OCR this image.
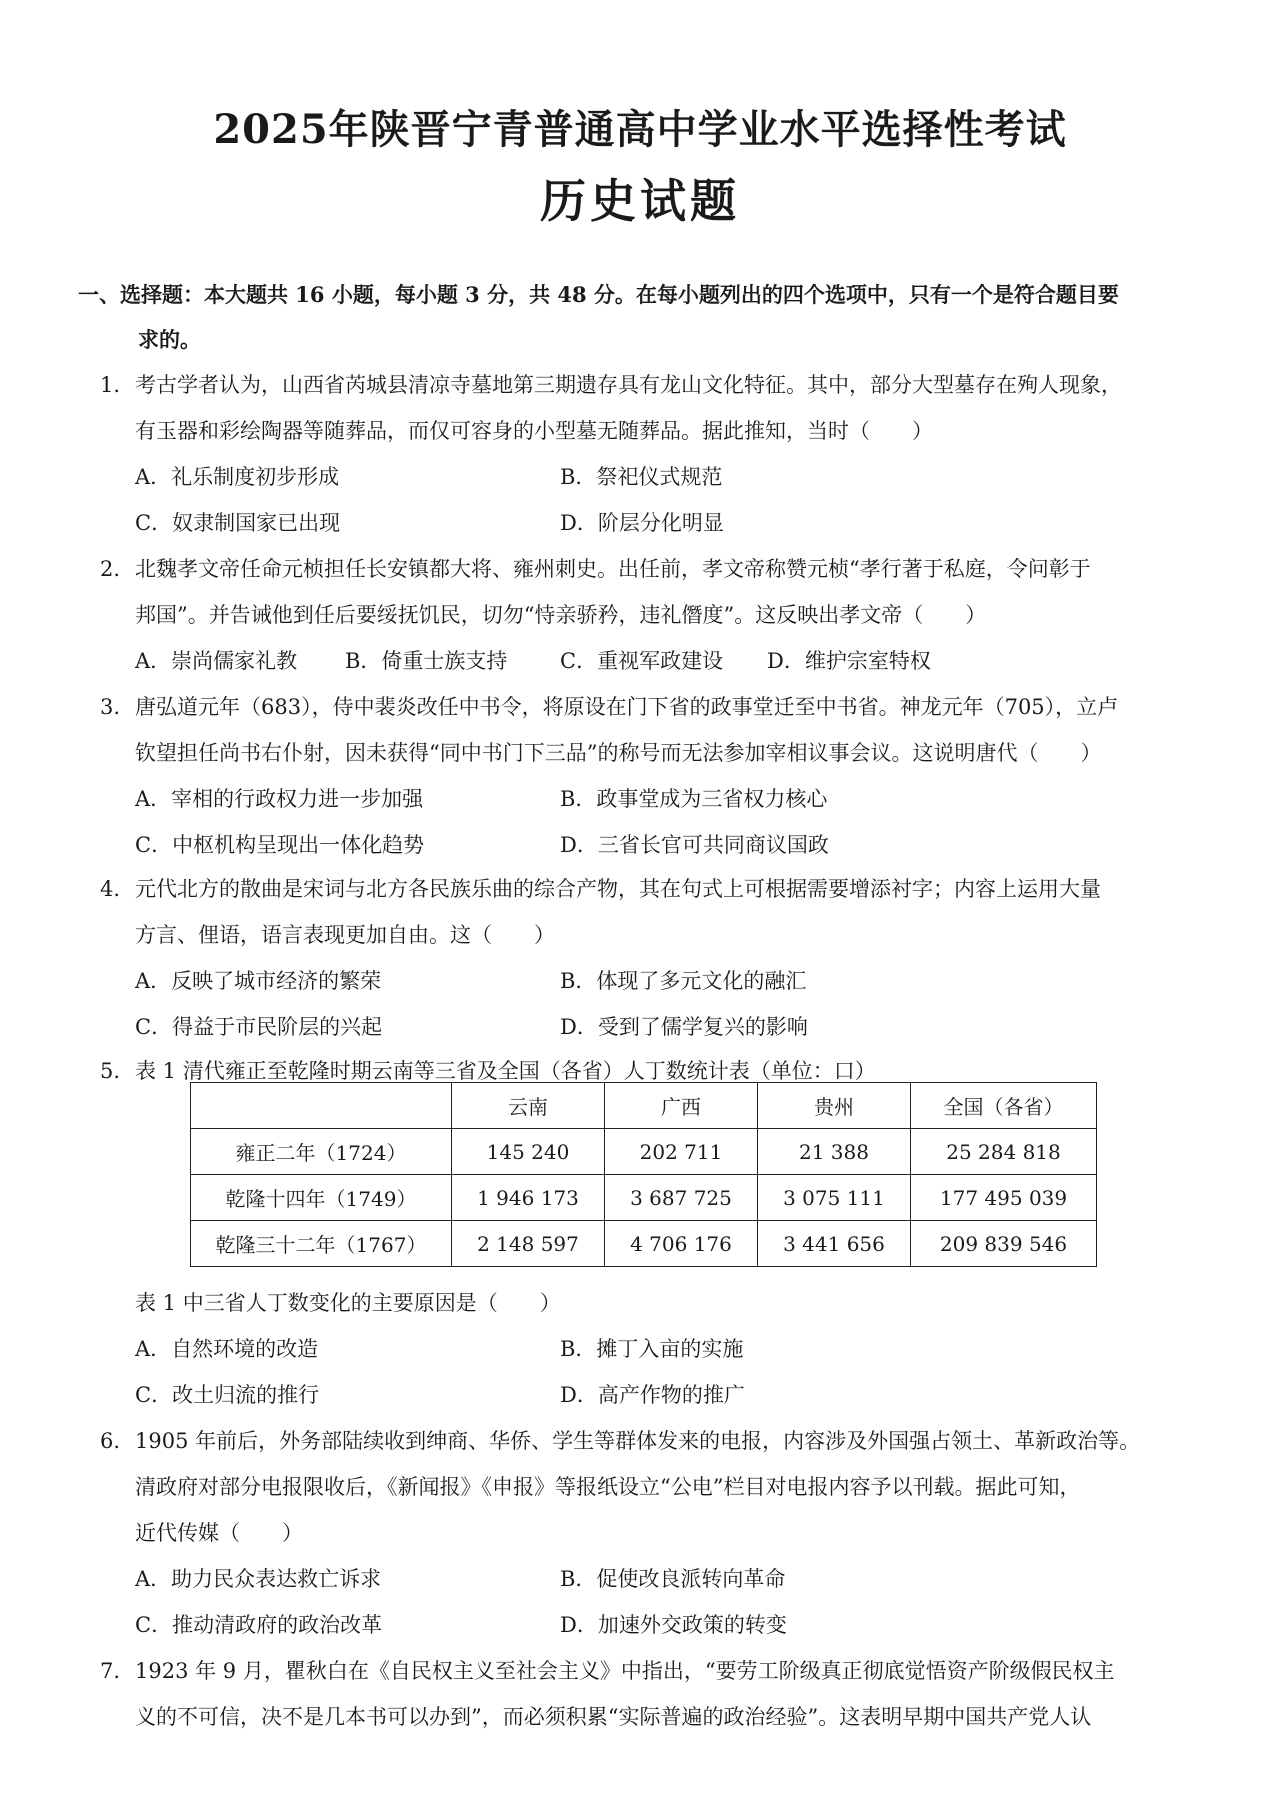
2025年陕晋宁青普通高中学业水平选择性考试
历史试题
一、选择题：本大题共 16 小题，每小题 3 分，共 48 分。在每小题列出的四个选项中，只有一个是符合题目要
求的。
1. 考古学者认为，山西省芮城县清凉寺墓地第三期遗存具有龙山文化特征。其中，部分大型墓存在殉人现象，
有玉器和彩绘陶器等随葬品，而仅可容身的小型墓无随葬品。据此推知，当时（　　）
A．礼乐制度初步形成	B．祭祀仪式规范
C．奴隶制国家已出现	D．阶层分化明显
2. 北魏孝文帝任命元桢担任长安镇都大将、雍州刺史。出任前，孝文帝称赞元桢“孝行著于私庭，令问彰于
邦国”。并告诫他到任后要绥抚饥民，切勿“恃亲骄矜，违礼僭度”。这反映出孝文帝（　　）
A．崇尚儒家礼教 B．倚重士族支持	C．重视军政建设 D．维护宗室特权
3. 唐弘道元年（683），侍中裴炎改任中书令，将原设在门下省的政事堂迁至中书省。神龙元年（705），立卢
钦望担任尚书右仆射，因未获得“同中书门下三品”的称号而无法参加宰相议事会议。这说明唐代（　　）
A．宰相的行政权力进一步加强	B．政事堂成为三省权力核心
C．中枢机构呈现出一体化趋势	D．三省长官可共同商议国政
4. 元代北方的散曲是宋词与北方各民族乐曲的综合产物，其在句式上可根据需要增添衬字；内容上运用大量
方言、俚语，语言表现更加自由。这（　　）
A．反映了城市经济的繁荣	B．体现了多元文化的融汇
C．得益于市民阶层的兴起	D．受到了儒学复兴的影响
5. 表 1 清代雍正至乾隆时期云南等三省及全国（各省）人丁数统计表（单位：口）
	云南	广西	贵州	全国（各省）
雍正二年（1724）	145 240	202 711	21 388	25 284 818
乾隆十四年（1749）	1 946 173	3 687 725	3 075 111	177 495 039
乾隆三十二年（1767）	2 148 597	4 706 176	3 441 656	209 839 546
表 1 中三省人丁数变化的主要原因是（　　）
A．自然环境的改造	B．摊丁入亩的实施
C．改土归流的推行	D．高产作物的推广
6. 1905 年前后，外务部陆续收到绅商、华侨、学生等群体发来的电报，内容涉及外国强占领土、革新政治等。
清政府对部分电报限收后，《新闻报》《申报》等报纸设立“公电”栏目对电报内容予以刊载。据此可知，
近代传媒（　　）
A．助力民众表达救亡诉求	B．促使改良派转向革命
C．推动清政府的政治改革	D．加速外交政策的转变
7. 1923 年 9 月，瞿秋白在《自民权主义至社会主义》中指出，“要劳工阶级真正彻底觉悟资产阶级假民权主
义的不可信，决不是几本书可以办到”，而必须积累“实际普遍的政治经验”。这表明早期中国共产党人认
